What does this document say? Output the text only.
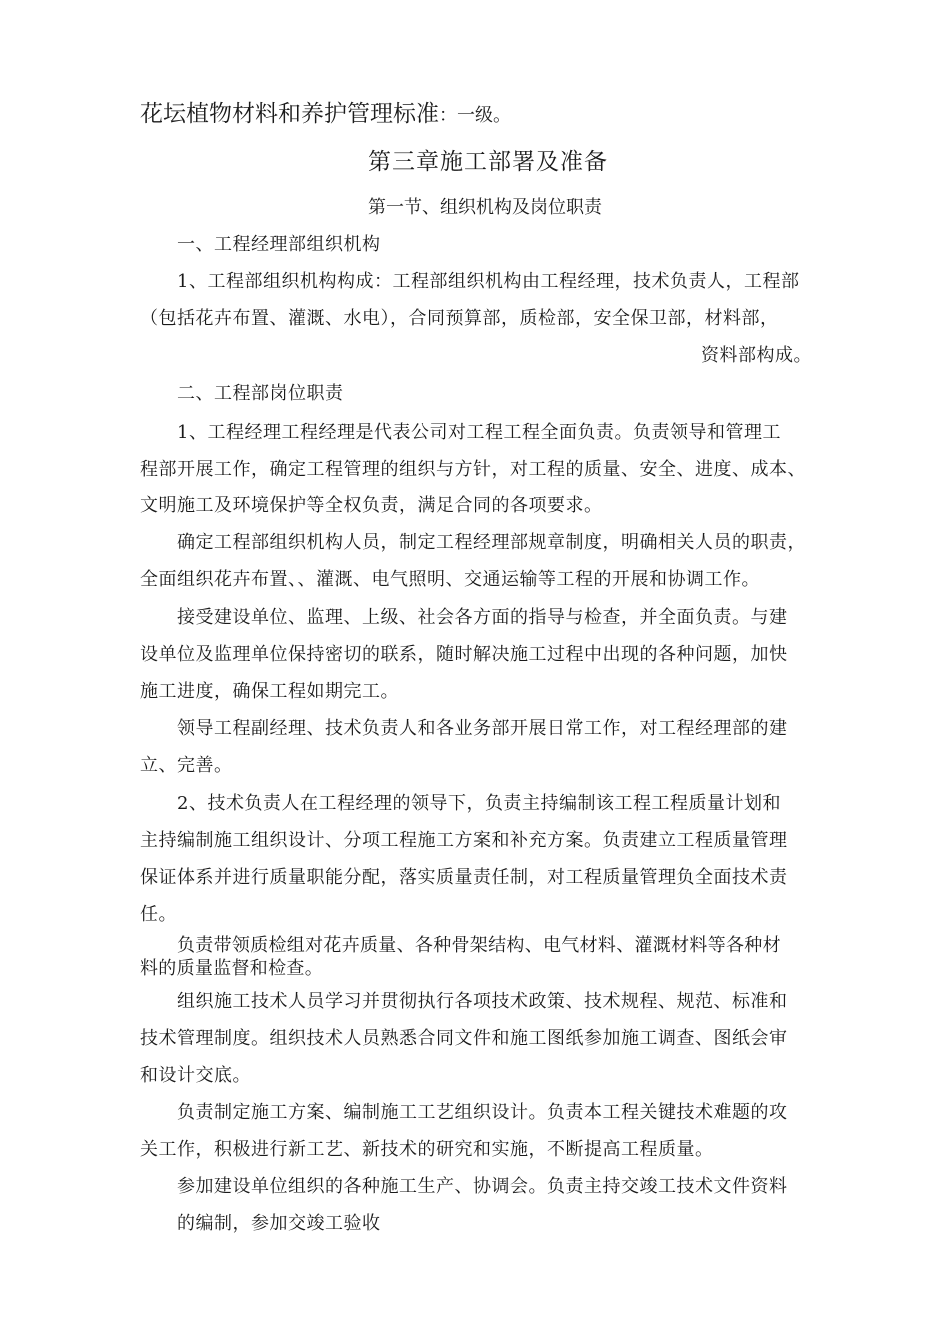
花坛植物材料和养护管理标准：一级。
第三章施工部署及准备
第一节、组织机构及岗位职责
一、工程经理部组织机构
1、工程部组织机构构成：工程部组织机构由工程经理，技术负责人，工程部
（包括花卉布置、灌溉、水电），合同预算部，质检部，安全保卫部，材料部，
资料部构成。
二、工程部岗位职责
1、工程经理工程经理是代表公司对工程工程全面负责。负责领导和管理工
程部开展工作，确定工程管理的组织与方针，对工程的质量、安全、进度、成本、
文明施工及环境保护等全权负责，满足合同的各项要求。
确定工程部组织机构人员，制定工程经理部规章制度，明确相关人员的职责，
全面组织花卉布置、、灌溉、电气照明、交通运输等工程的开展和协调工作。
接受建设单位、监理、上级、社会各方面的指导与检查，并全面负责。与建
设单位及监理单位保持密切的联系，随时解决施工过程中出现的各种问题，加快
施工进度，确保工程如期完工。
领导工程副经理、技术负责人和各业务部开展日常工作，对工程经理部的建
立、完善。
2、技术负责人在工程经理的领导下，负责主持编制该工程工程质量计划和
主持编制施工组织设计、分项工程施工方案和补充方案。负责建立工程质量管理
保证体系并进行质量职能分配，落实质量责任制，对工程质量管理负全面技术责
任。
负责带领质检组对花卉质量、各种骨架结构、电气材料、灌溉材料等各种材
料的质量监督和检查。
组织施工技术人员学习并贯彻执行各项技术政策、技术规程、规范、标准和
技术管理制度。组织技术人员熟悉合同文件和施工图纸参加施工调查、图纸会审
和设计交底。
负责制定施工方案、编制施工工艺组织设计。负责本工程关键技术难题的攻
关工作，积极进行新工艺、新技术的研究和实施，不断提高工程质量。
参加建设单位组织的各种施工生产、协调会。负责主持交竣工技术文件资料
的编制，参加交竣工验收
